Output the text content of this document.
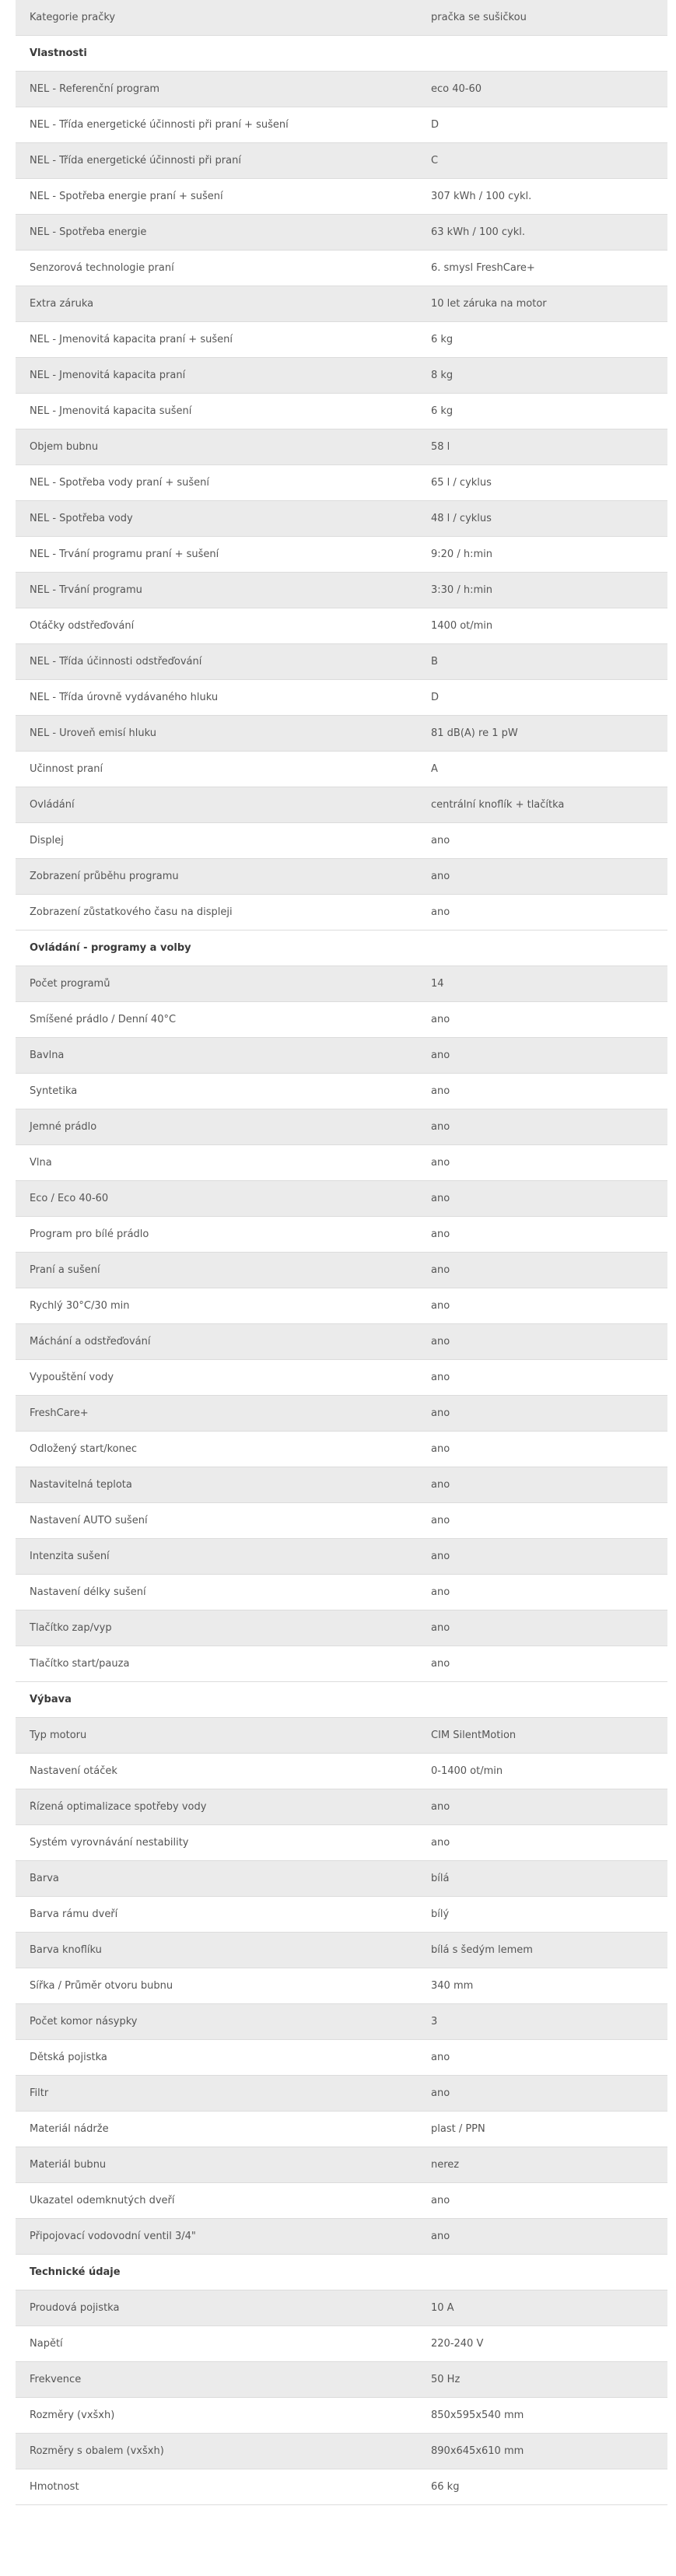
Kategorie pračky	pračka se sušičkou
Vlastnosti
NEL - Referenční program	eco 40-60
NEL - Třída energetické účinnosti při praní + sušení	D
NEL - Třída energetické účinnosti při praní	C
NEL - Spotřeba energie praní + sušení	307 kWh / 100 cykl.
NEL - Spotřeba energie	63 kWh / 100 cykl.
Senzorová technologie praní	6. smysl FreshCare+
Extra záruka	10 let záruka na motor
NEL - Jmenovitá kapacita praní + sušení	6 kg
NEL - Jmenovitá kapacita praní	8 kg
NEL - Jmenovitá kapacita sušení	6 kg
Objem bubnu	58 l
NEL - Spotřeba vody praní + sušení	65 l / cyklus
NEL - Spotřeba vody	48 l / cyklus
NEL - Trvání programu praní + sušení	9:20 / h:min
NEL - Trvání programu	3:30 / h:min
Otáčky odstřeďování	1400 ot/min
NEL - Třída účinnosti odstřeďování	B
NEL - Třída úrovně vydávaného hluku	D
NEL - Úroveň emisí hluku	81 dB(A) re 1 pW
Účinnost praní	A
Ovládání	centrální knoflík + tlačítka
Displej	ano
Zobrazení průběhu programu	ano
Zobrazení zůstatkového času na displeji	ano
Ovládání - programy a volby
Počet programů	14
Smíšené prádlo / Denní 40°C	ano
Bavlna	ano
Syntetika	ano
Jemné prádlo	ano
Vlna	ano
Eco / Eco 40-60	ano
Program pro bílé prádlo	ano
Praní a sušení	ano
Rychlý 30°C/30 min	ano
Máchání a odstřeďování	ano
Vypouštění vody	ano
FreshCare+	ano
Odložený start/konec	ano
Nastavitelná teplota	ano
Nastavení AUTO sušení	ano
Intenzita sušení	ano
Nastavení délky sušení	ano
Tlačítko zap/vyp	ano
Tlačítko start/pauza	ano
Výbava
Typ motoru	CIM SilentMotion
Nastavení otáček	0-1400 ot/min
Řízená optimalizace spotřeby vody	ano
Systém vyrovnávání nestability	ano
Barva	bílá
Barva rámu dveří	bílý
Barva knoflíku	bílá s šedým lemem
Šířka / Průměr otvoru bubnu	340 mm
Počet komor násypky	3
Dětská pojistka	ano
Filtr	ano
Materiál nádrže	plast / PPN
Materiál bubnu	nerez
Ukazatel odemknutých dveří	ano
Připojovací vodovodní ventil 3/4"	ano
Technické údaje
Proudová pojistka	10 A
Napětí	220-240 V
Frekvence	50 Hz
Rozměry (vxšxh)	850x595x540 mm
Rozměry s obalem (vxšxh)	890x645x610 mm
Hmotnost	66 kg
